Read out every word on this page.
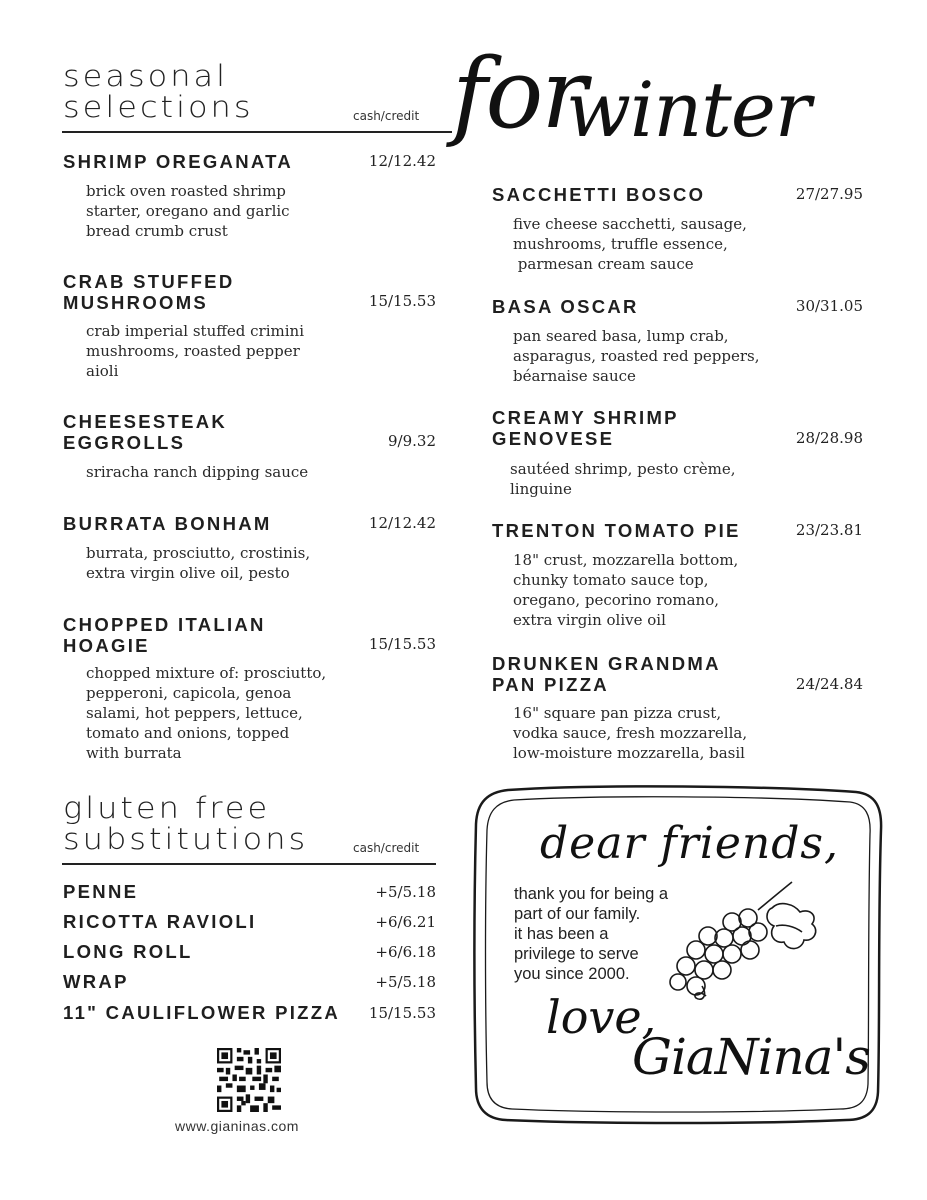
seasonal
selections	cash/credit for
winter
SHRIMP OREGANATA	12/12.42
brick oven roasted shrimp
starter, oregano and garlic
bread crumb crust
CRAB STUFFED
MUSHROOMS	15/15.53
crab imperial stuffed crimini
mushrooms, roasted pepper
aioli
CHEESESTEAK
EGGROLLS	9/9.32
sriracha ranch dipping sauce
BURRATA BONHAM	12/12.42
burrata, prosciutto, crostinis,
extra virgin olive oil, pesto
CHOPPED ITALIAN
HOAGIE	15/15.53
chopped mixture of: prosciutto,
pepperoni, capicola, genoa
salami, hot peppers, lettuce,
tomato and onions, topped
with burrata
SACCHETTI BOSCO	27/27.95
five cheese sacchetti, sausage,
mushrooms, truffle essence,
parmesan cream sauce
BASA OSCAR	30/31.05
pan seared basa, lump crab,
asparagus, roasted red peppers,
béarnaise sauce
CREAMY SHRIMP
GENOVESE	28/28.98
sautéed shrimp, pesto crème,
linguine
TRENTON TOMATO PIE	23/23.81
18" crust, mozzarella bottom,
chunky tomato sauce top,
oregano, pecorino romano,
extra virgin olive oil
DRUNKEN GRANDMA
PAN PIZZA	24/24.84
16" square pan pizza crust,
vodka sauce, fresh mozzarella,
low-moisture mozzarella, basil
gluten free
substitutions	cash/credit
PENNE	+5/5.18
RICOTTA RAVIOLI	+6/6.21
LONG ROLL	+6/6.18
WRAP	+5/5.18
11" CAULIFLOWER PIZZA	15/15.53
www.gianinas.com
dear friends,
thank you for being a
part of our family.
it has been a
privilege to serve
you since 2000.
love,
GiaNina's
